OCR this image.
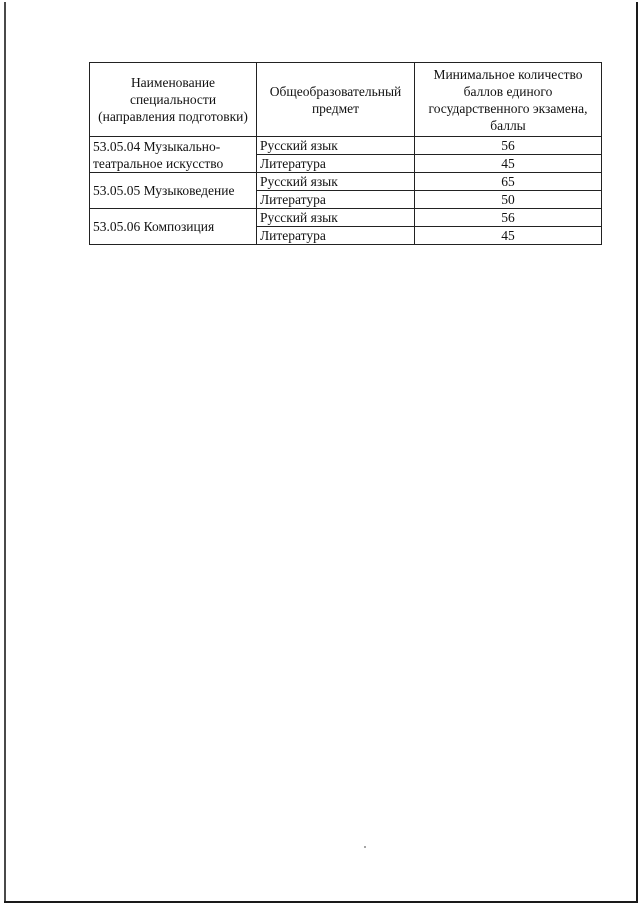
Наименование специальности (направления подготовки)	Общеобразовательный предмет	Минимальное количество баллов единого государственного экзамена, баллы
53.05.04 Музыкально-театральное искусство	Русский язык	56
	Литература	45
53.05.05 Музыковедение	Русский язык	65
	Литература	50
53.05.06 Композиция	Русский язык	56
	Литература	45
